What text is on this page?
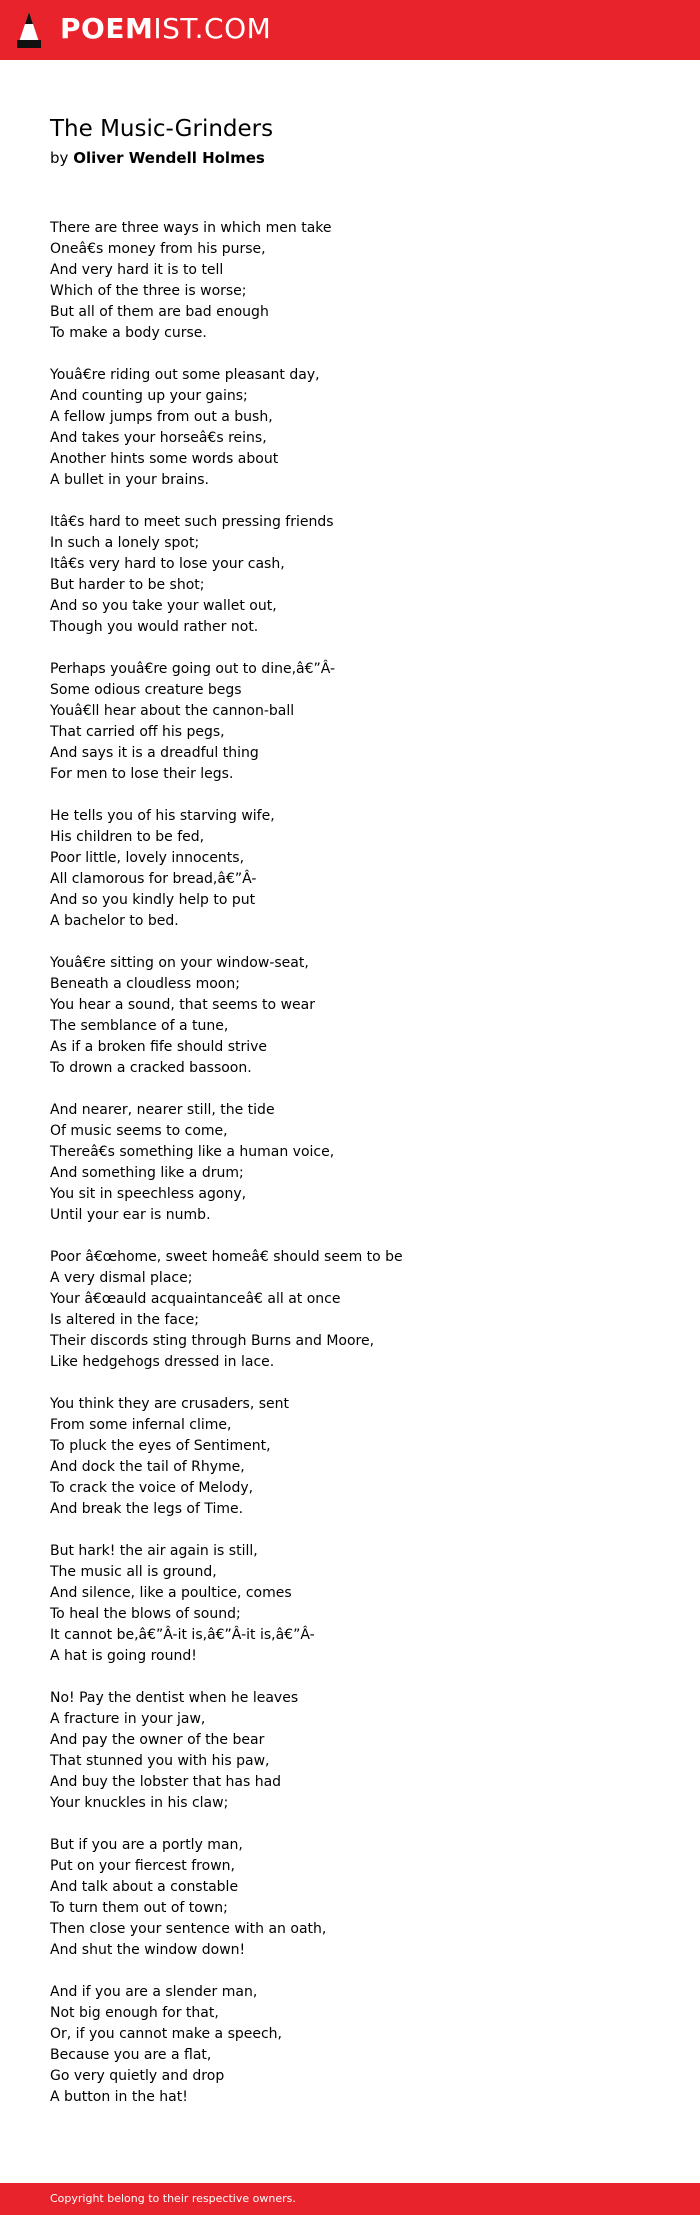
POEMIST.COM
The Music-Grinders
by Oliver Wendell Holmes
There are three ways in which men take
Oneâ€s money from his purse,
And very hard it is to tell
Which of the three is worse;
But all of them are bad enough
To make a body curse.
Youâ€re riding out some pleasant day,
And counting up your gains;
A fellow jumps from out a bush,
And takes your horseâ€s reins,
Another hints some words about
A bullet in your brains.
Itâ€s hard to meet such pressing friends
In such a lonely spot;
Itâ€s very hard to lose your cash,
But harder to be shot;
And so you take your wallet out,
Though you would rather not.
Perhaps youâ€re going out to dine,â€”Â-
Some odious creature begs
Youâ€ll hear about the cannon-ball
That carried off his pegs,
And says it is a dreadful thing
For men to lose their legs.
He tells you of his starving wife,
His children to be fed,
Poor little, lovely innocents,
All clamorous for bread,â€”Â-
And so you kindly help to put
A bachelor to bed.
Youâ€re sitting on your window-seat,
Beneath a cloudless moon;
You hear a sound, that seems to wear
The semblance of a tune,
As if a broken fife should strive
To drown a cracked bassoon.
And nearer, nearer still, the tide
Of music seems to come,
Thereâ€s something like a human voice,
And something like a drum;
You sit in speechless agony,
Until your ear is numb.
Poor â€œhome, sweet homeâ€ should seem to be
A very dismal place;
Your â€œauld acquaintanceâ€ all at once
Is altered in the face;
Their discords sting through Burns and Moore,
Like hedgehogs dressed in lace.
You think they are crusaders, sent
From some infernal clime,
To pluck the eyes of Sentiment,
And dock the tail of Rhyme,
To crack the voice of Melody,
And break the legs of Time.
But hark! the air again is still,
The music all is ground,
And silence, like a poultice, comes
To heal the blows of sound;
It cannot be,â€”Â-it is,â€”Â-it is,â€”Â-
A hat is going round!
No! Pay the dentist when he leaves
A fracture in your jaw,
And pay the owner of the bear
That stunned you with his paw,
And buy the lobster that has had
Your knuckles in his claw;
But if you are a portly man,
Put on your fiercest frown,
And talk about a constable
To turn them out of town;
Then close your sentence with an oath,
And shut the window down!
And if you are a slender man,
Not big enough for that,
Or, if you cannot make a speech,
Because you are a flat,
Go very quietly and drop
A button in the hat!
Copyright belong to their respective owners.
